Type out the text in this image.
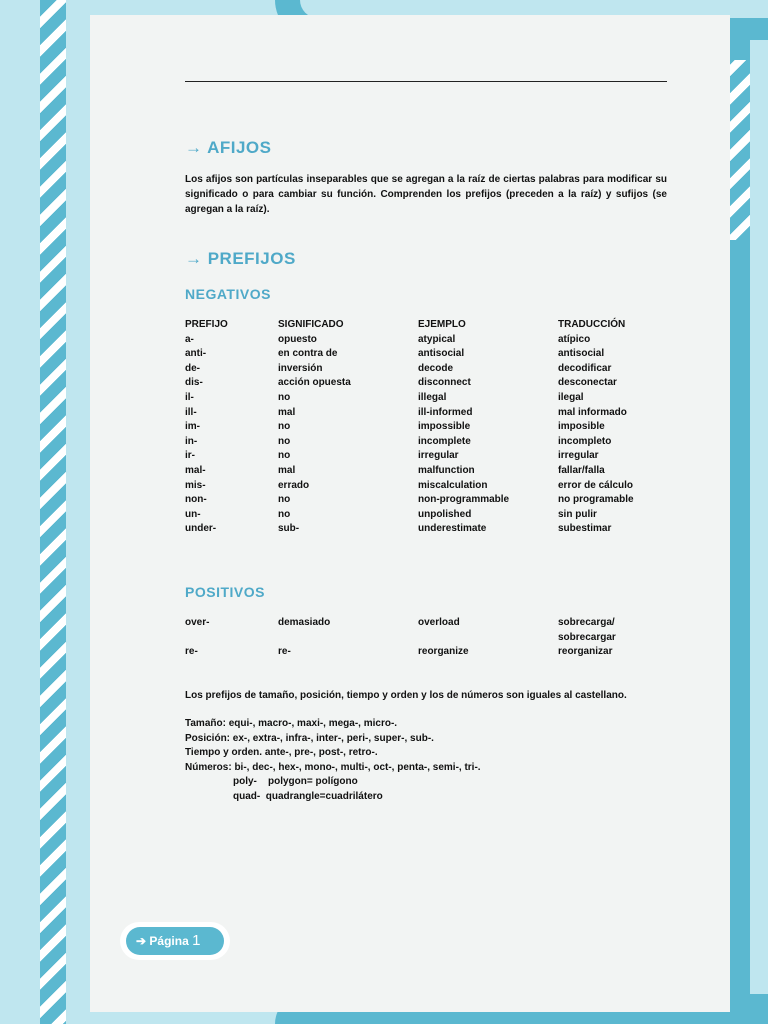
→ AFIJOS
Los afijos son partículas inseparables que se agregan a la raíz de ciertas palabras para modificar su significado o para cambiar su función. Comprenden los prefijos (preceden a la raíz) y sufijos (se agregan a la raíz).
→ PREFIJOS
NEGATIVOS
PREFIJO	SIGNIFICADO	EJEMPLO	TRADUCCIÓN
a-	opuesto	atypical	atípico
anti-	en contra de	antisocial	antisocial
de-	inversión	decode	decodificar
dis-	acción opuesta	disconnect	desconectar
il-	no	illegal	ilegal
ill-	mal	ill-informed	mal informado
im-	no	impossible	imposible
in-	no	incomplete	incompleto
ir-	no	irregular	irregular
mal-	mal	malfunction	fallar/falla
mis-	errado	miscalculation	error de cálculo
non-	no	non-programmable	no programable
un-	no	unpolished	sin pulir
under-	sub-	underestimate	subestimar
POSITIVOS
over-	demasiado	overload	sobrecarga/
			sobrecargar
re-	re-	reorganize	reorganizar
Los prefijos de tamaño, posición, tiempo y orden y los de números son iguales al castellano.
Tamaño: equi-, macro-, maxi-, mega-, micro-.
Posición: ex-, extra-, infra-, inter-, peri-, super-, sub-.
Tiempo y orden. ante-, pre-, post-, retro-.
Números: bi-, dec-, hex-, mono-, multi-, oct-, penta-, semi-, tri-.
poly-    polygon= polígono
quad-  quadrangle=cuadrilátero
➔ Página 1
